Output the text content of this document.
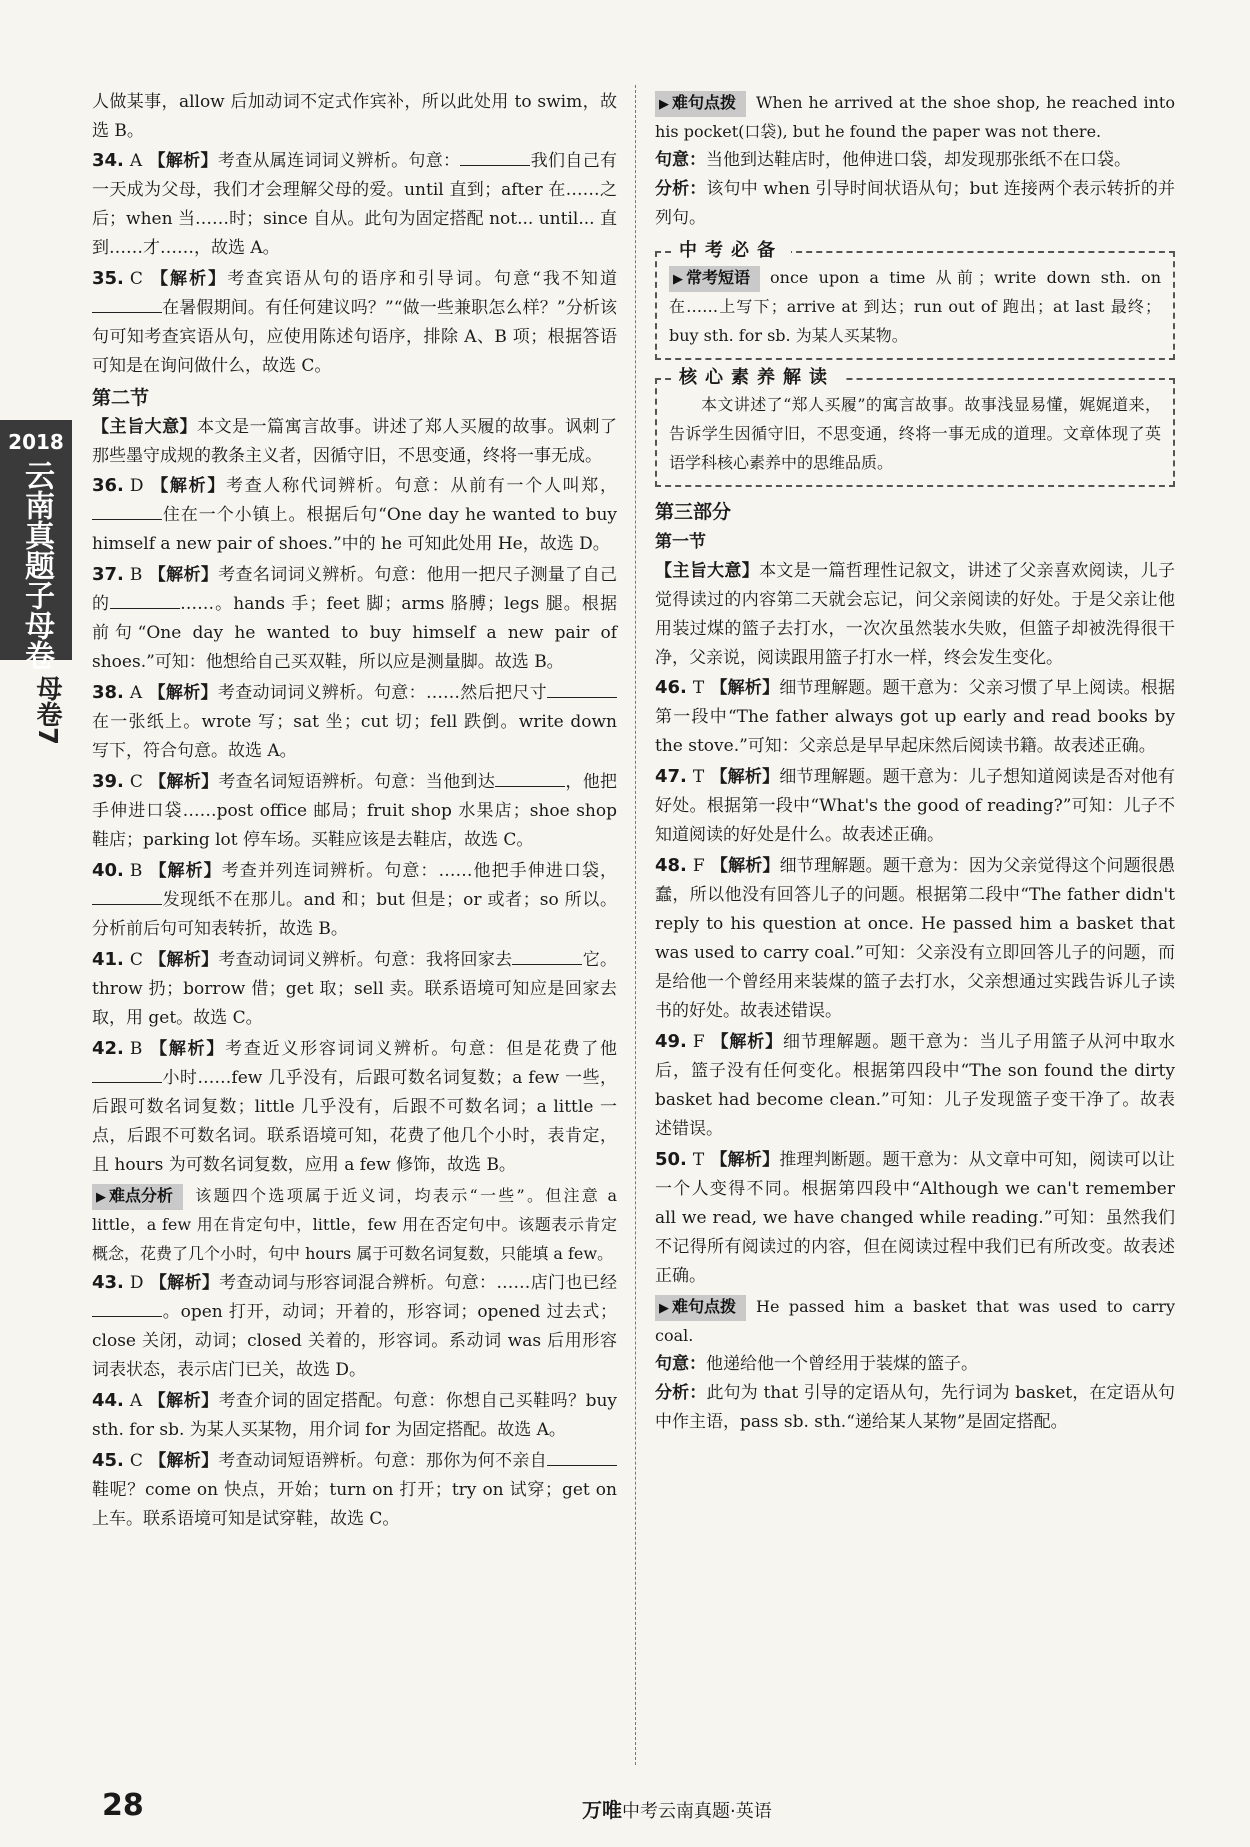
2018
云南真题子母卷
母卷7

人做某事，allow 后加动词不定式作宾补，所以此处用 to swim，故选 B。

34. A 【解析】考查从属连词词义辨析。句意：	我们自己有一天成为父母，我们才会理解父母的爱。until 直到；after 在……之后；when 当……时；since 自从。此句为固定搭配 not... until... 直到……才……，故选 A。

35. C 【解析】考查宾语从句的语序和引导词。句意“我不知道在暑假期间。有任何建议吗？”“做一些兼职怎么样？”分析该句可知考查宾语从句，应使用陈述句语序，排除 A、B 项；根据答语可知是在询问做什么，故选 C。

第二节

【主旨大意】本文是一篇寓言故事。讲述了郑人买履的故事。讽刺了那些墨守成规的教条主义者，因循守旧，不思变通，终将一事无成。

36. D 【解析】考查人称代词辨析。句意：从前有一个人叫郑，住在一个小镇上。根据后句“One day he wanted to buy himself a new pair of shoes.”中的 he 可知此处用 He，故选 D。

37. B 【解析】考查名词词义辨析。句意：他用一把尺子测量了自己的	……。hands 手；feet 脚；arms 胳膊；legs 腿。根据前句“One day he wanted to buy himself a new pair of shoes.”可知：他想给自己买双鞋，所以应是测量脚。故选 B。

38. A 【解析】考查动词词义辨析。句意：……然后把尺寸在一张纸上。wrote 写；sat 坐；cut 切；fell 跌倒。write down 写下，符合句意。故选 A。

39. C 【解析】考查名词短语辨析。句意：当他到达	，他把手伸进口袋……post office 邮局；fruit shop 水果店；shoe shop 鞋店；parking lot 停车场。买鞋应该是去鞋店，故选 C。

40. B 【解析】考查并列连词辨析。句意：……他把手伸进口袋，发现纸不在那儿。and 和；but 但是；or 或者；so 所以。分析前后句可知表转折，故选 B。

41. C 【解析】考查动词词义辨析。句意：我将回家去	它。throw 扔；borrow 借；get 取；sell 卖。联系语境可知应是回家去取，用 get。故选 C。

42. B 【解析】考查近义形容词词义辨析。句意：但是花费了他小时……few 几乎没有，后跟可数名词复数；a few 一些，后跟可数名词复数；little 几乎没有，后跟不可数名词；a little 一点，后跟不可数名词。联系语境可知，花费了他几个小时，表肯定，且 hours 为可数名词复数，应用 a few 修饰，故选 B。

▶ 难点分析 该题四个选项属于近义词，均表示“一些”。但注意 a little，a few 用在肯定句中，little，few 用在否定句中。该题表示肯定概念，花费了几个小时，句中 hours 属于可数名词复数，只能填 a few。

43. D 【解析】考查动词与形容词混合辨析。句意：……店门也已经。open 打开，动词；开着的，形容词；opened 过去式；close 关闭，动词；closed 关着的，形容词。系动词 was 后用形容词表状态，表示店门已关，故选 D。

44. A 【解析】考查介词的固定搭配。句意：你想自己买鞋吗？buy sth. for sb. 为某人买某物，用介词 for 为固定搭配。故选 A。

45. C 【解析】考查动词短语辨析。句意：那你为何不亲自鞋呢？come on 快点，开始；turn on 打开；try on 试穿；get on 上车。联系语境可知是试穿鞋，故选 C。

▶ 难句点拨 When he arrived at the shoe shop, he reached into his pocket(口袋), but he found the paper was not there.

句意：当他到达鞋店时，他伸进口袋，却发现那张纸不在口袋。

分析：该句中 when 引导时间状语从句；but 连接两个表示转折的并列句。

中考必备

▶ 常考短语 once upon a time 从前；write down sth. on 在……上写下；arrive at 到达；run out of 跑出；at last 最终；buy sth. for sb. 为某人买某物。

核心素养解读

本文讲述了“郑人买履”的寓言故事。故事浅显易懂，娓娓道来，告诉学生因循守旧，不思变通，终将一事无成的道理。文章体现了英语学科核心素养中的思维品质。

第三部分
第一节

【主旨大意】本文是一篇哲理性记叙文，讲述了父亲喜欢阅读，儿子觉得读过的内容第二天就会忘记，问父亲阅读的好处。于是父亲让他用装过煤的篮子去打水，一次次虽然装水失败，但篮子却被洗得很干净，父亲说，阅读跟用篮子打水一样，终会发生变化。

46. T 【解析】细节理解题。题干意为：父亲习惯了早上阅读。根据第一段中“The father always got up early and read books by the stove.”可知：父亲总是早早起床然后阅读书籍。故表述正确。

47. T 【解析】细节理解题。题干意为：儿子想知道阅读是否对他有好处。根据第一段中“What's the good of reading?”可知：儿子不知道阅读的好处是什么。故表述正确。

48. F 【解析】细节理解题。题干意为：因为父亲觉得这个问题很愚蠢，所以他没有回答儿子的问题。根据第二段中“The father didn't reply to his question at once. He passed him a basket that was used to carry coal.”可知：父亲没有立即回答儿子的问题，而是给他一个曾经用来装煤的篮子去打水，父亲想通过实践告诉儿子读书的好处。故表述错误。

49. F 【解析】细节理解题。题干意为：当儿子用篮子从河中取水后，篮子没有任何变化。根据第四段中“The son found the dirty basket had become clean.”可知：儿子发现篮子变干净了。故表述错误。

50. T 【解析】推理判断题。题干意为：从文章中可知，阅读可以让一个人变得不同。根据第四段中“Although we can't remember all we read, we have changed while reading.”可知：虽然我们不记得所有阅读过的内容，但在阅读过程中我们已有所改变。故表述正确。

▶ 难句点拨 He passed him a basket that was used to carry coal.

句意：他递给他一个曾经用于装煤的篮子。

分析：此句为 that 引导的定语从句，先行词为 basket，在定语从句中作主语，pass sb. sth.“递给某人某物”是固定搭配。

28	万唯中考云南真题·英语
